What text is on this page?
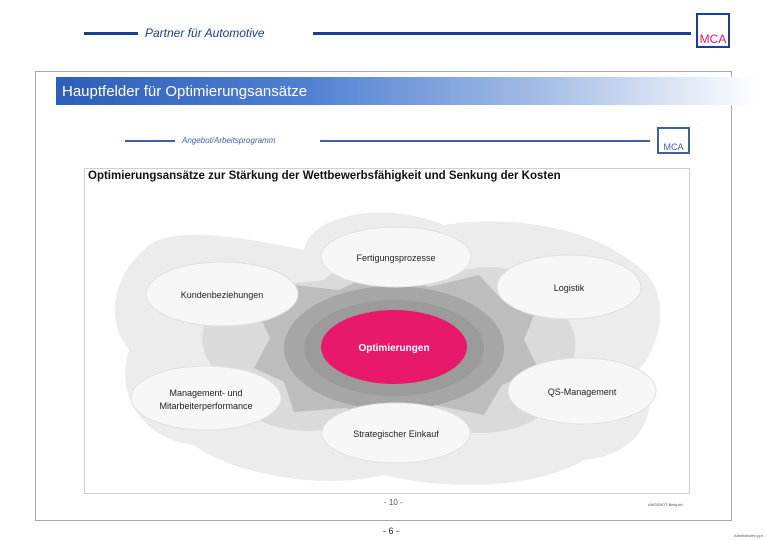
Partner für Automotive	MCA
Hauptfelder für Optimierungsansätze
Angebot/Arbeitsprogramm
MCA
Optimierungsansätze zur Stärkung der Wettbewerbsfähigkeit und Senkung der Kosten
Optimierungen
Fertigungsprozesse
Kundenbeziehungen
Logistik
Management- und
Mitarbeiterperformance
QS-Management
Strategischer Einkauf
- 10 -	ANGEBOT Beispiel
- 6 -	Arbeitsfolien.ppt
